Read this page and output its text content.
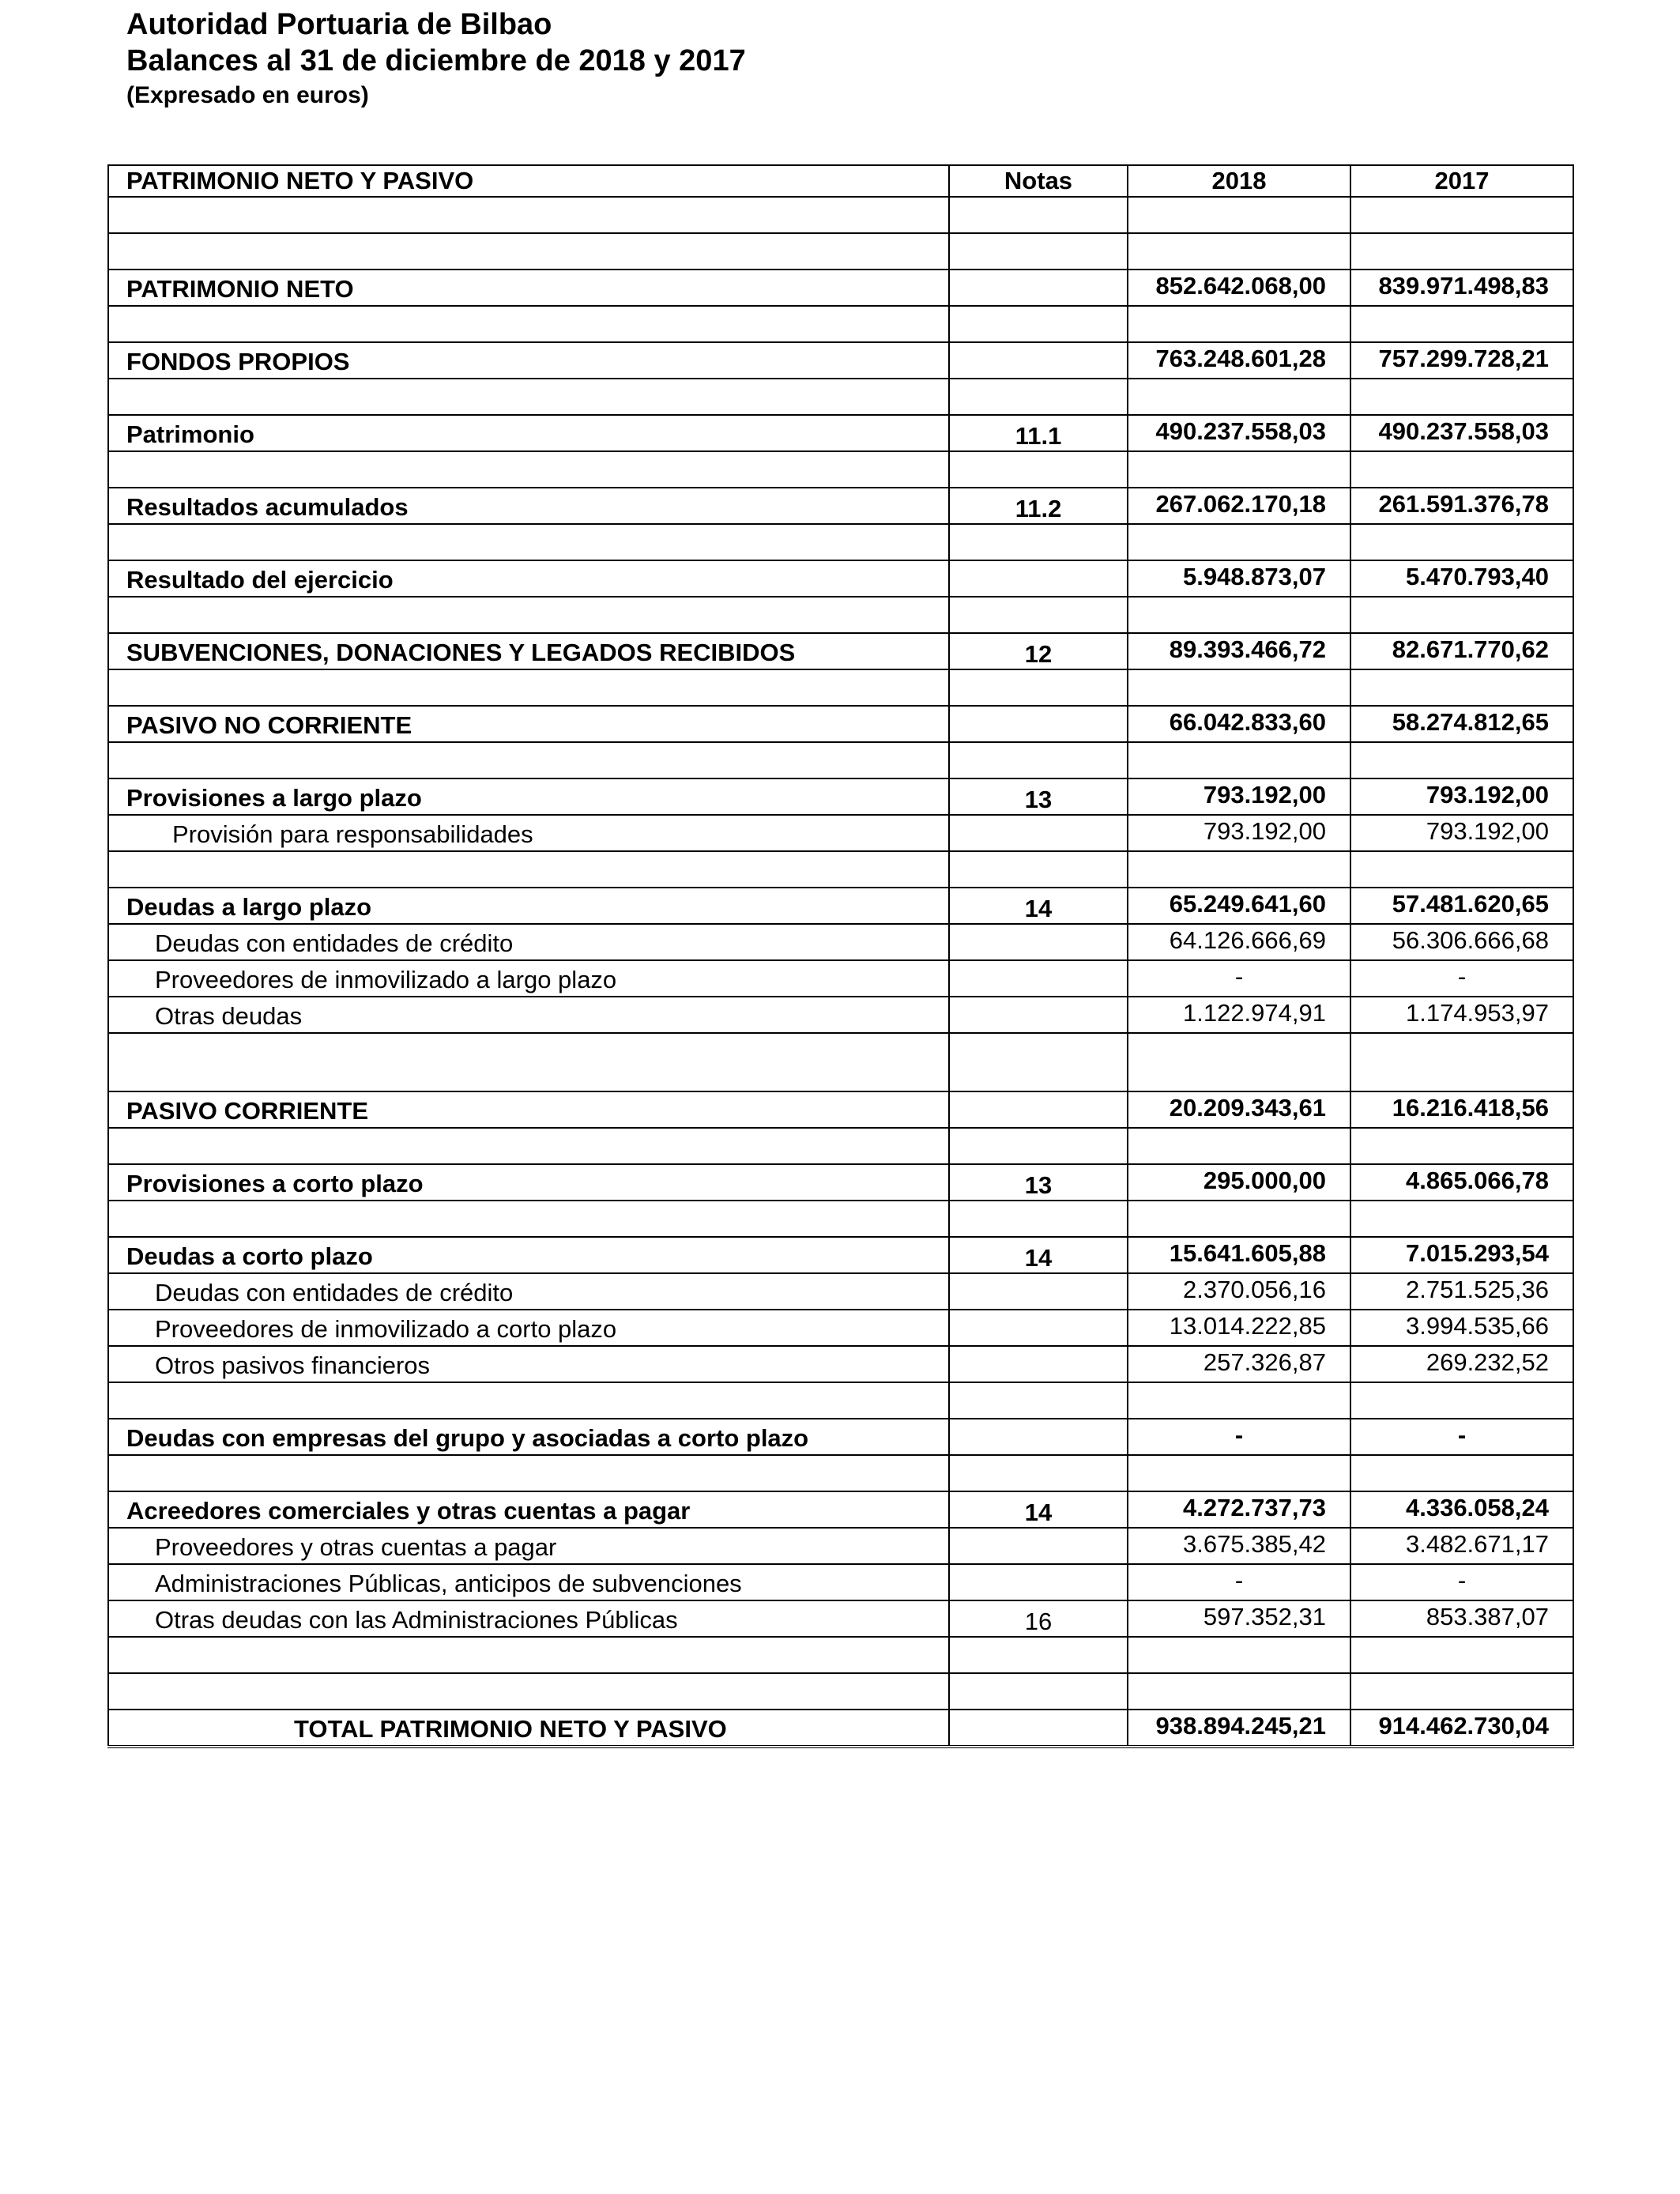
Autoridad Portuaria de Bilbao
Balances al 31 de diciembre de 2018 y 2017
(Expresado en euros)
PATRIMONIO NETO Y PASIVO	Notas	2018	2017

PATRIMONIO NETO		852.642.068,00	839.971.498,83

FONDOS PROPIOS		763.248.601,28	757.299.728,21

Patrimonio	11.1	490.237.558,03	490.237.558,03

Resultados acumulados	11.2	267.062.170,18	261.591.376,78

Resultado del ejercicio		5.948.873,07	5.470.793,40

SUBVENCIONES, DONACIONES Y LEGADOS RECIBIDOS	12	89.393.466,72	82.671.770,62

PASIVO NO CORRIENTE		66.042.833,60	58.274.812,65

Provisiones a largo plazo	13	793.192,00	793.192,00
Provisión para responsabilidades		793.192,00	793.192,00

Deudas a largo plazo	14	65.249.641,60	57.481.620,65
Deudas con entidades de crédito		64.126.666,69	56.306.666,68
Proveedores de inmovilizado a largo plazo		-	-
Otras deudas		1.122.974,91	1.174.953,97

PASIVO CORRIENTE		20.209.343,61	16.216.418,56

Provisiones a corto plazo	13	295.000,00	4.865.066,78

Deudas a corto plazo	14	15.641.605,88	7.015.293,54
Deudas con entidades de crédito		2.370.056,16	2.751.525,36
Proveedores de inmovilizado a corto plazo		13.014.222,85	3.994.535,66
Otros pasivos financieros		257.326,87	269.232,52

Deudas con empresas del grupo y asociadas a corto plazo		-	-

Acreedores comerciales y otras cuentas a pagar	14	4.272.737,73	4.336.058,24
Proveedores y otras cuentas a pagar		3.675.385,42	3.482.671,17
Administraciones Públicas, anticipos de subvenciones		-	-
Otras deudas con las Administraciones Públicas	16	597.352,31	853.387,07

TOTAL PATRIMONIO NETO Y PASIVO		938.894.245,21	914.462.730,04
